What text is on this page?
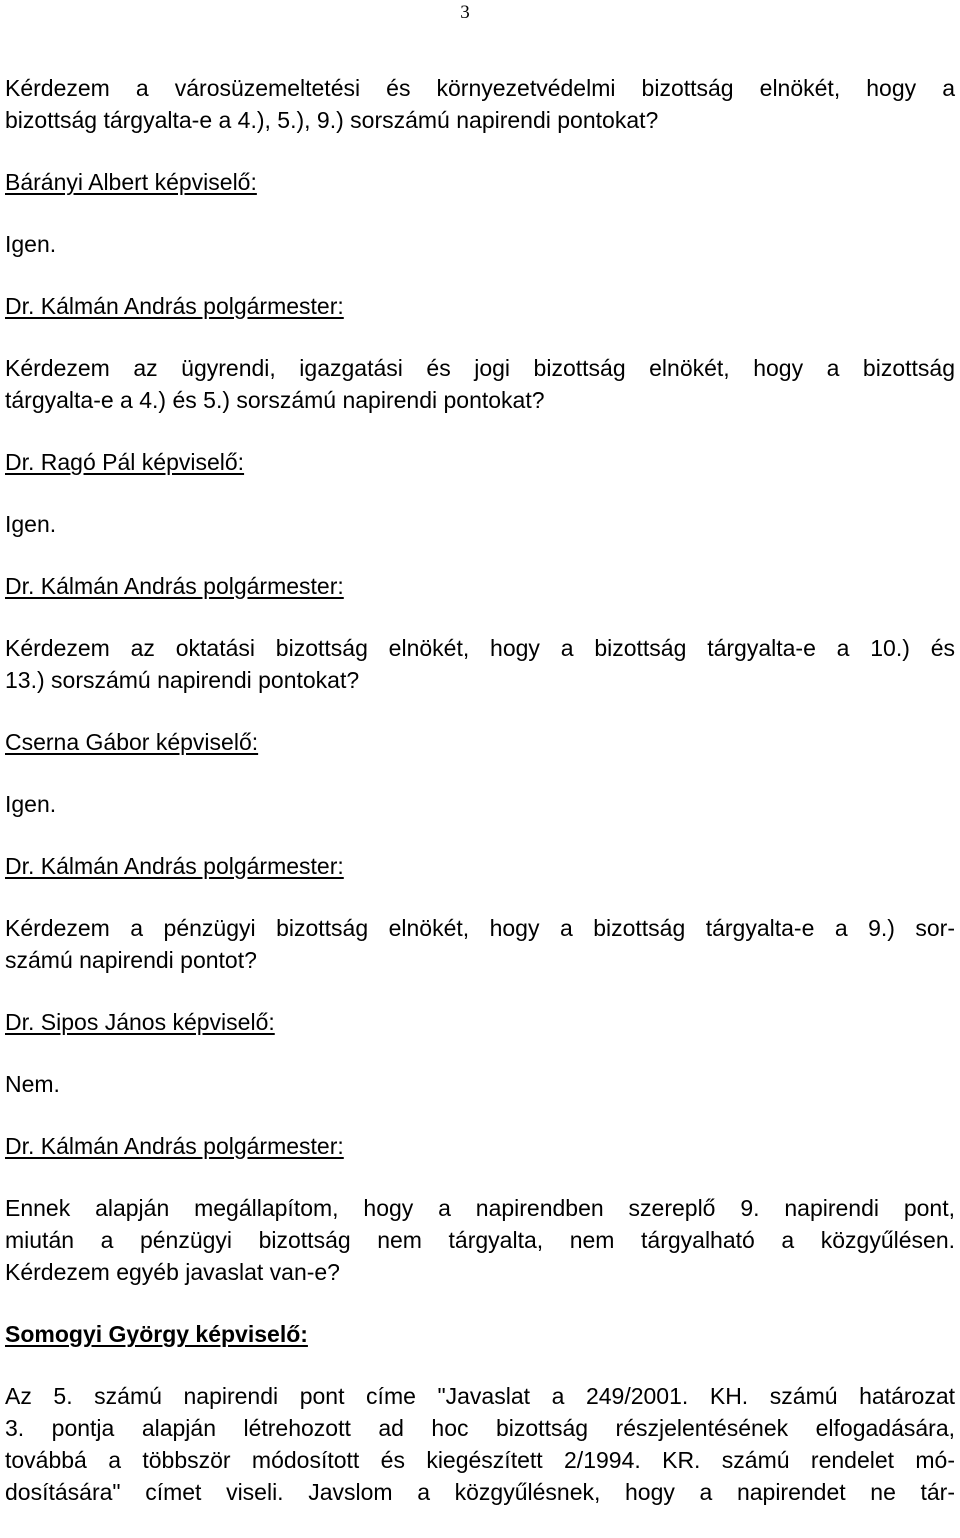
3
Kérdezem a városüzemeltetési és környezetvédelmi bizottság elnökét, hogy a
bizottság tárgyalta-e a 4.), 5.), 9.) sorszámú napirendi pontokat?
Bárányi Albert képviselő:
Igen.
Dr. Kálmán András polgármester:
Kérdezem az ügyrendi, igazgatási és jogi bizottság elnökét, hogy a bizottság
tárgyalta-e a 4.) és 5.) sorszámú napirendi pontokat?
Dr. Ragó Pál képviselő:
Igen.
Dr. Kálmán András polgármester:
Kérdezem az oktatási bizottság elnökét, hogy a bizottság tárgyalta-e a 10.) és
13.) sorszámú napirendi pontokat?
Cserna Gábor képviselő:
Igen.
Dr. Kálmán András polgármester:
Kérdezem a pénzügyi bizottság elnökét, hogy a bizottság tárgyalta-e a 9.) sor-
számú napirendi pontot?
Dr. Sipos János képviselő:
Nem.
Dr. Kálmán András polgármester:
Ennek alapján megállapítom, hogy a napirendben szereplő 9. napirendi pont,
miután a pénzügyi bizottság nem tárgyalta, nem tárgyalható a közgyűlésen.
Kérdezem egyéb javaslat van-e?
Somogyi György képviselő:
Az 5. számú napirendi pont címe "Javaslat a 249/2001. KH. számú határozat
3. pontja alapján létrehozott ad hoc bizottság részjelentésének elfogadására,
továbbá a többször módosított és kiegészített 2/1994. KR. számú rendelet mó-
dosítására" címet viseli. Javslom a közgyűlésnek, hogy a napirendet ne tár-
